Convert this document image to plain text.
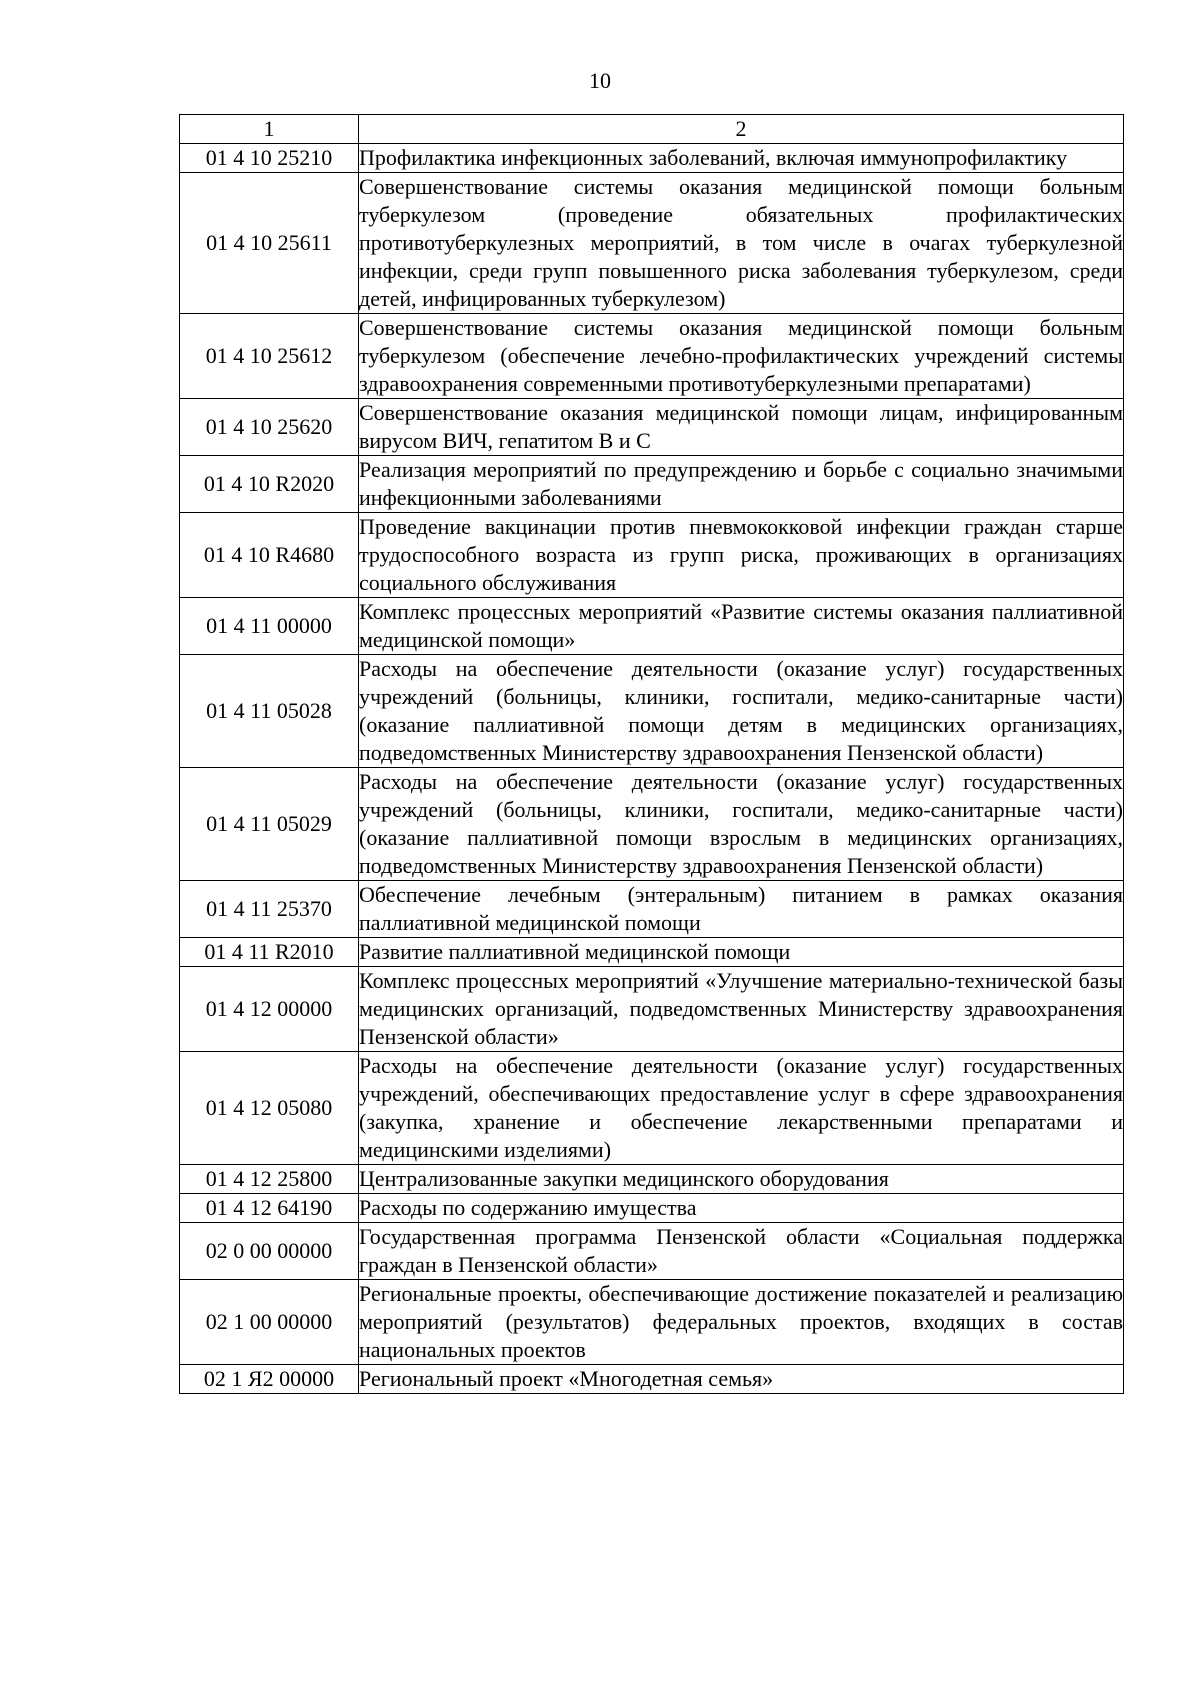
10
1	2
01 4 10 25210	Профилактика инфекционных заболеваний, включая иммунопрофилактику
01 4 10 25611	Совершенствование системы оказания медицинской помощи больным туберкулезом (проведение обязательных профилактических противотуберкулезных мероприятий, в том числе в очагах туберкулезной инфекции, среди групп повышенного риска заболевания туберкулезом, среди детей, инфицированных туберкулезом)
01 4 10 25612	Совершенствование системы оказания медицинской помощи больным туберкулезом (обеспечение лечебно-профилактических учреждений системы здравоохранения современными противотуберкулезными препаратами)
01 4 10 25620	Совершенствование оказания медицинской помощи лицам, инфицированным вирусом ВИЧ, гепатитом В и С
01 4 10 R2020	Реализация мероприятий по предупреждению и борьбе с социально значимыми инфекционными заболеваниями
01 4 10 R4680	Проведение вакцинации против пневмококковой инфекции граждан старше трудоспособного возраста из групп риска, проживающих в организациях социального обслуживания
01 4 11 00000	Комплекс процессных мероприятий «Развитие системы оказания паллиативной медицинской помощи»
01 4 11 05028	Расходы на обеспечение деятельности (оказание услуг) государственных учреждений (больницы, клиники, госпитали, медико-санитарные части) (оказание паллиативной помощи детям в медицинских организациях, подведомственных Министерству здравоохранения Пензенской области)
01 4 11 05029	Расходы на обеспечение деятельности (оказание услуг) государственных учреждений (больницы, клиники, госпитали, медико-санитарные части) (оказание паллиативной помощи взрослым в медицинских организациях, подведомственных Министерству здравоохранения Пензенской области)
01 4 11 25370	Обеспечение лечебным (энтеральным) питанием в рамках оказания паллиативной медицинской помощи
01 4 11 R2010	Развитие паллиативной медицинской помощи
01 4 12 00000	Комплекс процессных мероприятий «Улучшение материально-технической базы медицинских организаций, подведомственных Министерству здравоохранения Пензенской области»
01 4 12 05080	Расходы на обеспечение деятельности (оказание услуг) государственных учреждений, обеспечивающих предоставление услуг в сфере здравоохранения (закупка, хранение и обеспечение лекарственными препаратами и медицинскими изделиями)
01 4 12 25800	Централизованные закупки медицинского оборудования
01 4 12 64190	Расходы по содержанию имущества
02 0 00 00000	Государственная программа Пензенской области «Социальная поддержка граждан в Пензенской области»
02 1 00 00000	Региональные проекты, обеспечивающие достижение показателей и реализацию мероприятий (результатов) федеральных проектов, входящих в состав национальных проектов
02 1 Я2 00000	Региональный проект «Многодетная семья»
